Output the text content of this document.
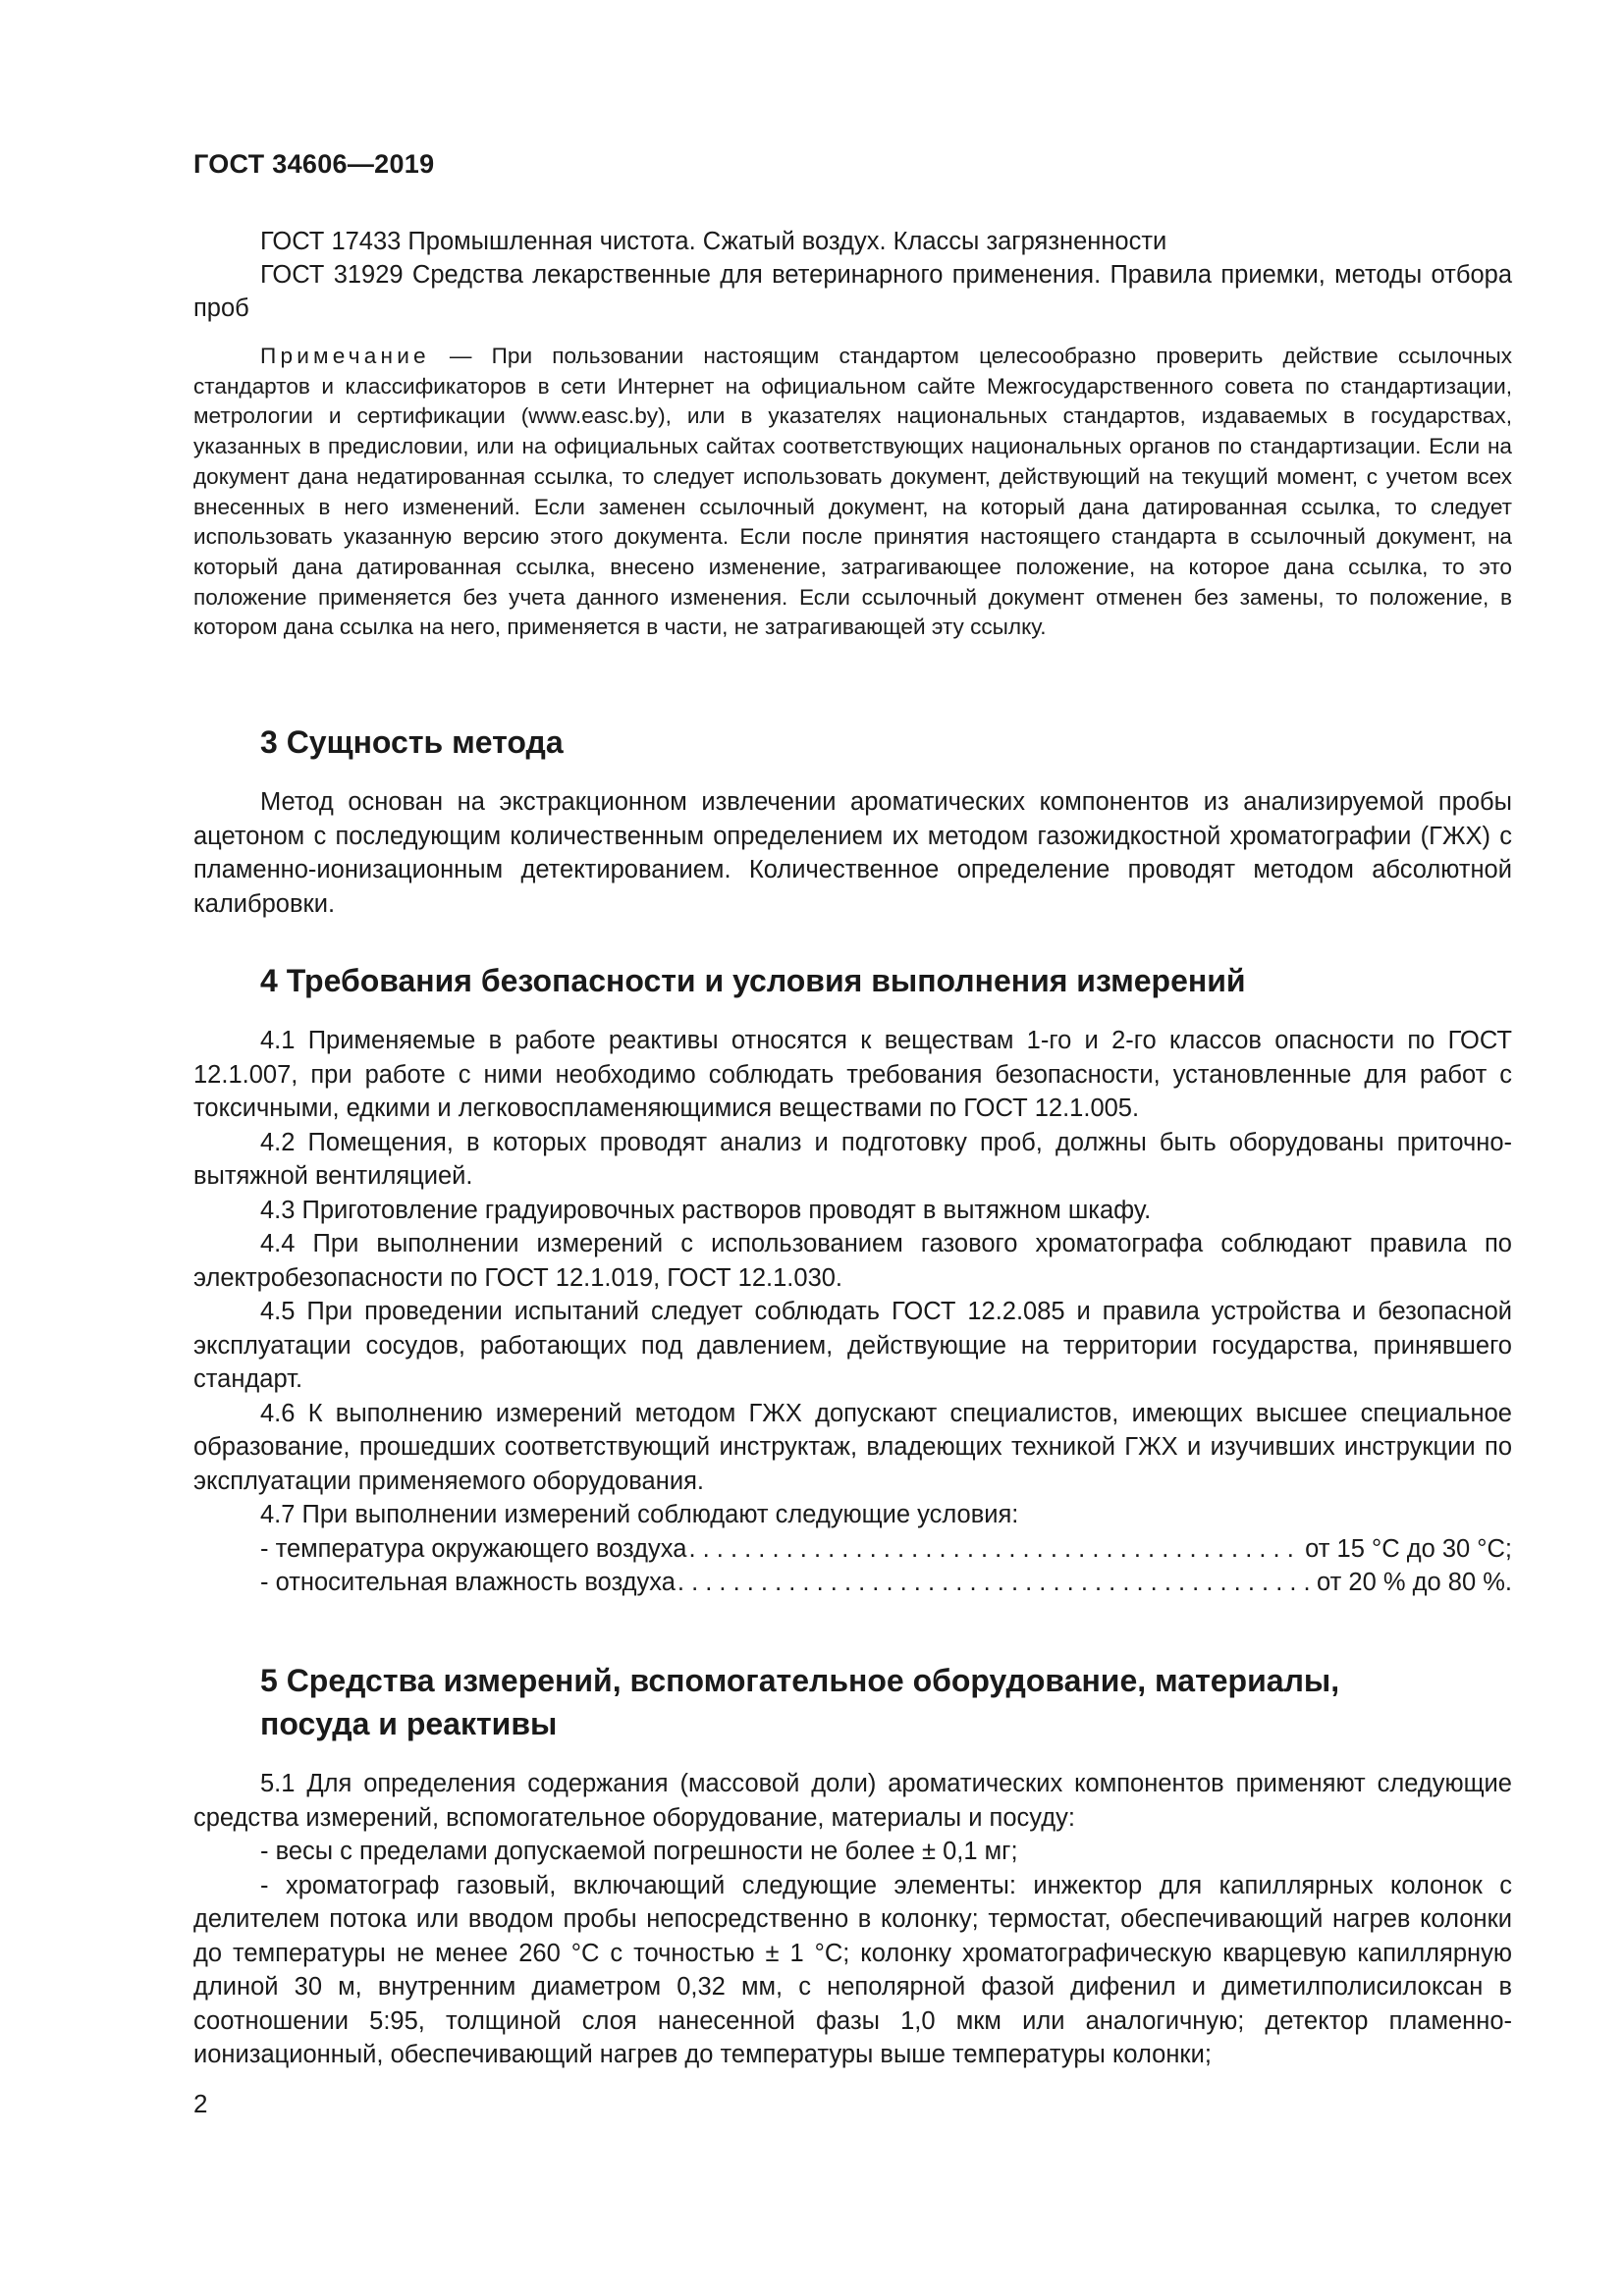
ГОСТ 34606—2019

ГОСТ 17433 Промышленная чистота. Сжатый воздух. Классы загрязненности

ГОСТ 31929 Средства лекарственные для ветеринарного применения. Правила приемки, методы отбора проб

Примечание — При пользовании настоящим стандартом целесообразно проверить действие ссылочных стандартов и классификаторов в сети Интернет на официальном сайте Межгосударственного совета по стандартизации, метрологии и сертификации (www.easc.by), или в указателях национальных стандартов, издаваемых в государствах, указанных в предисловии, или на официальных сайтах соответствующих национальных органов по стандартизации. Если на документ дана недатированная ссылка, то следует использовать документ, действующий на текущий момент, с учетом всех внесенных в него изменений. Если заменен ссылочный документ, на который дана датированная ссылка, то следует использовать указанную версию этого документа. Если после принятия настоящего стандарта в ссылочный документ, на который дана датированная ссылка, внесено изменение, затрагивающее положение, на которое дана ссылка, то это положение применяется без учета данного изменения. Если ссылочный документ отменен без замены, то положение, в котором дана ссылка на него, применяется в части, не затрагивающей эту ссылку.

3 Сущность метода

Метод основан на экстракционном извлечении ароматических компонентов из анализируемой пробы ацетоном с последующим количественным определением их методом газожидкостной хроматографии (ГЖХ) с пламенно-ионизационным детектированием. Количественное определение проводят методом абсолютной калибровки.

4 Требования безопасности и условия выполнения измерений

4.1 Применяемые в работе реактивы относятся к веществам 1-го и 2-го классов опасности по ГОСТ 12.1.007, при работе с ними необходимо соблюдать требования безопасности, установленные для работ с токсичными, едкими и легковоспламеняющимися веществами по ГОСТ 12.1.005.

4.2 Помещения, в которых проводят анализ и подготовку проб, должны быть оборудованы приточно-вытяжной вентиляцией.

4.3 Приготовление градуировочных растворов проводят в вытяжном шкафу.

4.4 При выполнении измерений с использованием газового хроматографа соблюдают правила по электробезопасности по ГОСТ 12.1.019, ГОСТ 12.1.030.

4.5 При проведении испытаний следует соблюдать ГОСТ 12.2.085 и правила устройства и безопасной эксплуатации сосудов, работающих под давлением, действующие на территории государства, принявшего стандарт.

4.6 К выполнению измерений методом ГЖХ допускают специалистов, имеющих высшее специальное образование, прошедших соответствующий инструктаж, владеющих техникой ГЖХ и изучивших инструкции по эксплуатации применяемого оборудования.

4.7 При выполнении измерений соблюдают следующие условия:

- температура окружающего воздуха . . .	от 15 °С до 30 °С;
- относительная влажность воздуха . . .	от 20 % до 80 %.
5 Средства измерений, вспомогательное оборудование, материалы,
посуда и реактивы

5.1 Для определения содержания (массовой доли) ароматических компонентов применяют следующие средства измерений, вспомогательное оборудование, материалы и посуду:

- весы с пределами допускаемой погрешности не более ± 0,1 мг;

- хроматограф газовый, включающий следующие элементы: инжектор для капиллярных колонок с делителем потока или вводом пробы непосредственно в колонку; термостат, обеспечивающий нагрев колонки до температуры не менее 260 °С с точностью ± 1 °С; колонку хроматографическую кварцевую капиллярную длиной 30 м, внутренним диаметром 0,32 мм, с неполярной фазой дифенил и диметилполисилоксан в соотношении 5:95, толщиной слоя нанесенной фазы 1,0 мкм или аналогичную; детектор пламенно-ионизационный, обеспечивающий нагрев до температуры выше температуры колонки;

2
